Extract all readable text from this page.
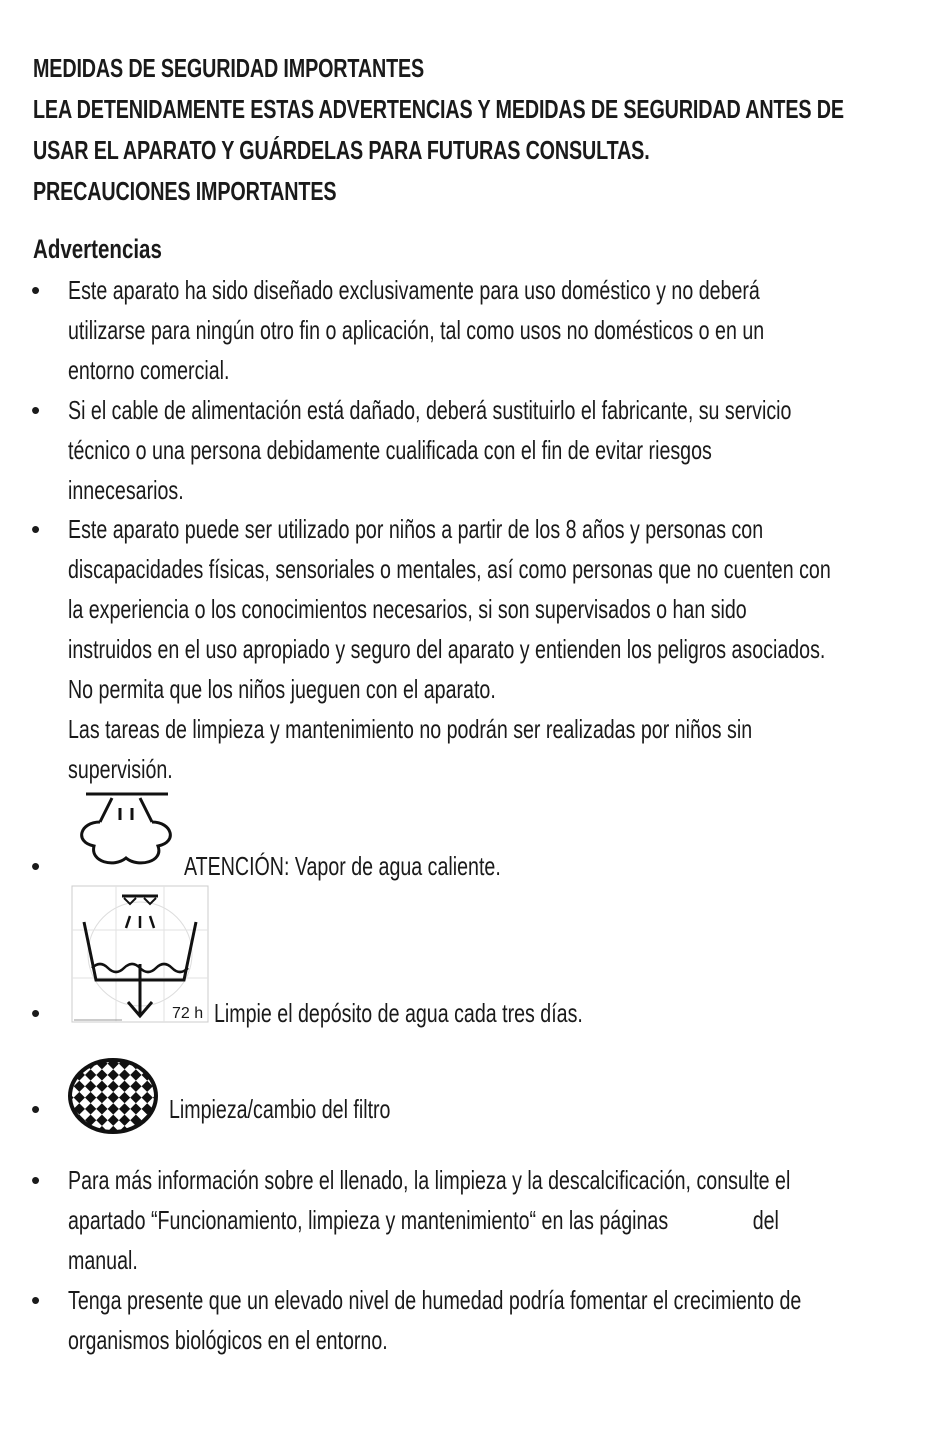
MEDIDAS DE SEGURIDAD IMPORTANTES
LEA DETENIDAMENTE ESTAS ADVERTENCIAS Y MEDIDAS DE SEGURIDAD ANTES DE
USAR EL APARATO Y GUÁRDELAS PARA FUTURAS CONSULTAS.
PRECAUCIONES IMPORTANTES
Advertencias
• Este aparato ha sido diseñado exclusivamente para uso doméstico y no deberá
utilizarse para ningún otro fin o aplicación, tal como usos no domésticos o en un
entorno comercial.
• Si el cable de alimentación está dañado, deberá sustituirlo el fabricante, su servicio
técnico o una persona debidamente cualificada con el fin de evitar riesgos
innecesarios.
• Este aparato puede ser utilizado por niños a partir de los 8 años y personas con
discapacidades físicas, sensoriales o mentales, así como personas que no cuenten con
la experiencia o los conocimientos necesarios, si son supervisados o han sido
instruidos en el uso apropiado y seguro del aparato y entienden los peligros asociados.
No permita que los niños jueguen con el aparato.
Las tareas de limpieza y mantenimiento no podrán ser realizadas por niños sin
supervisión.
•	ATENCIÓN: Vapor de agua caliente.
•	72 h Limpie el depósito de agua cada tres días.
•	Limpieza/cambio del filtro
• Para más información sobre el llenado, la limpieza y la descalcificación, consulte el
apartado “Funcionamiento, limpieza y mantenimiento“ en las páginas	del
manual.
• Tenga presente que un elevado nivel de humedad podría fomentar el crecimiento de
organismos biológicos en el entorno.
